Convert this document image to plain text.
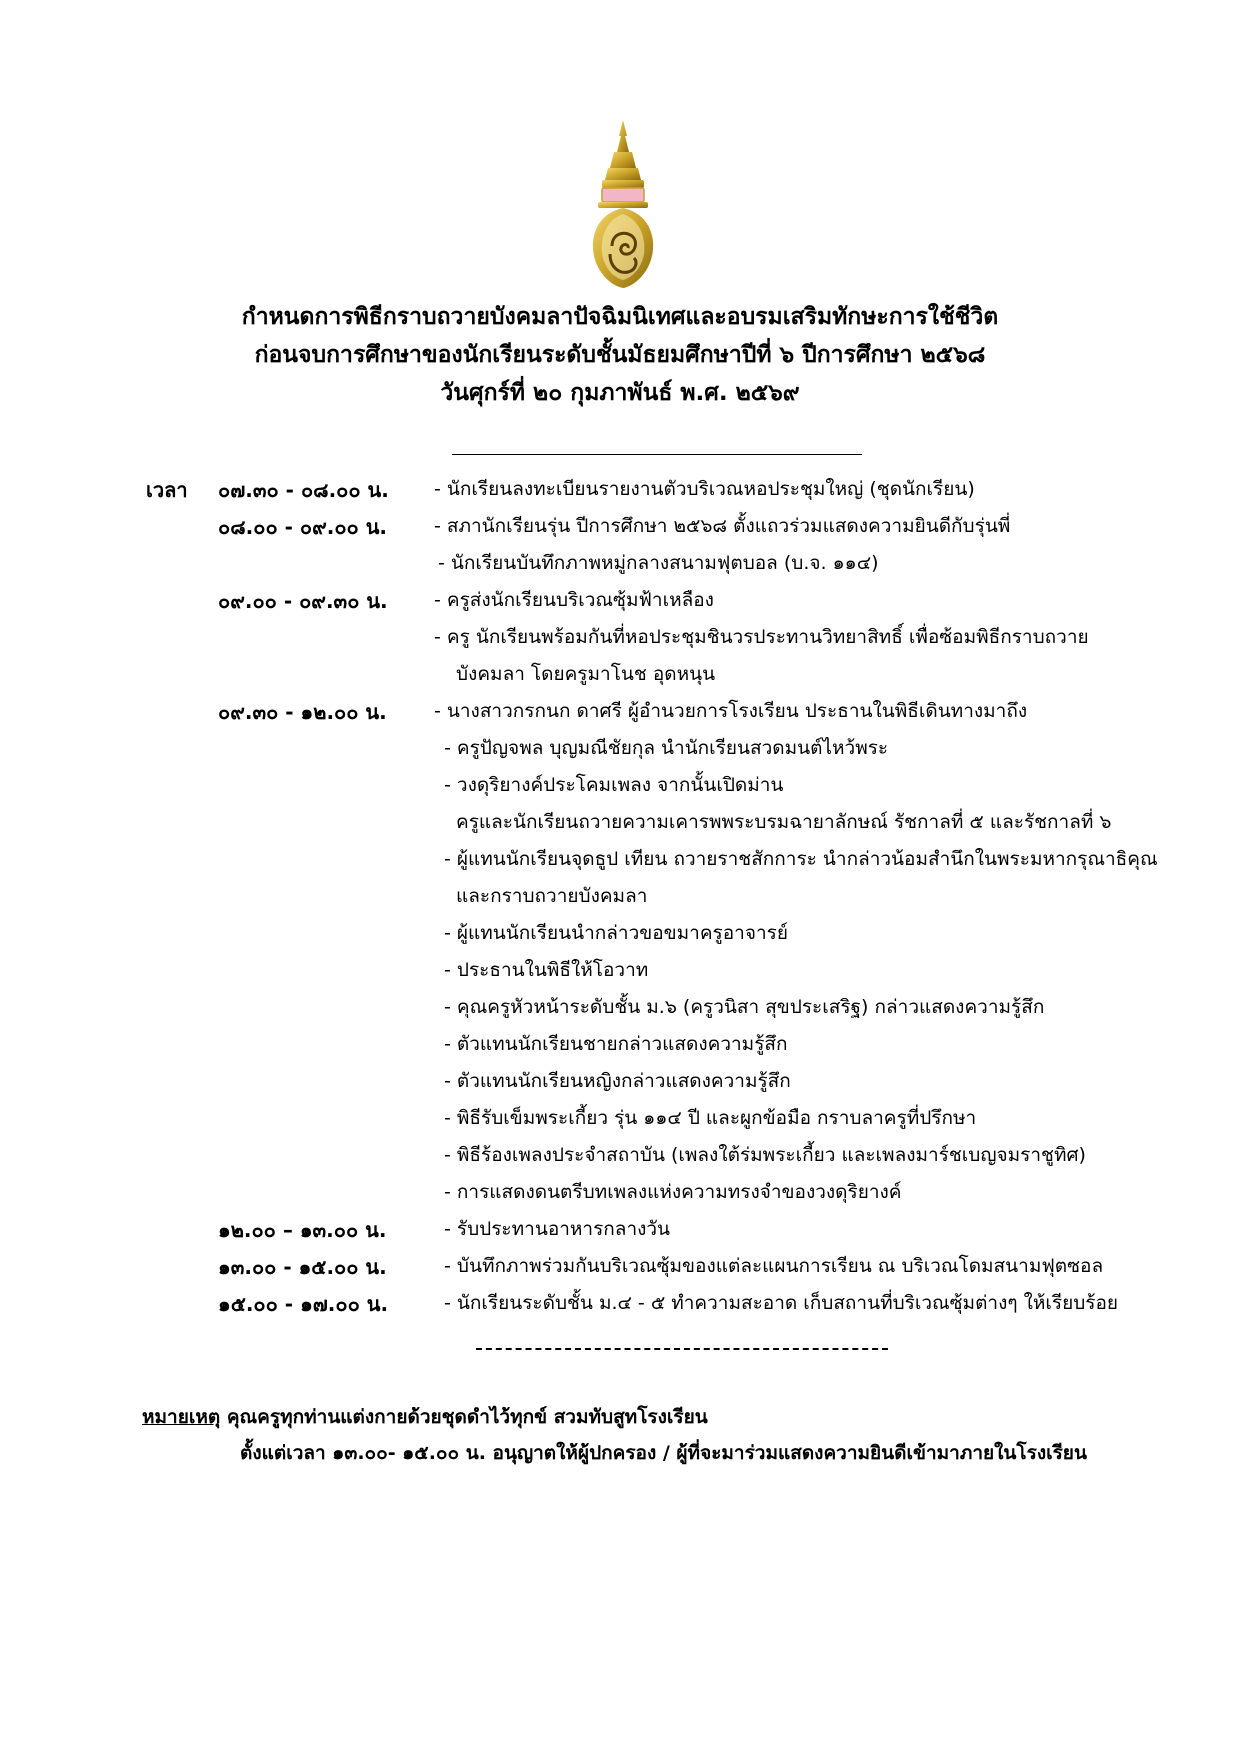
กำหนดการพิธีกราบถวายบังคมลาปัจฉิมนิเทศและอบรมเสริมทักษะการใช้ชีวิต
ก่อนจบการศึกษาของนักเรียนระดับชั้นมัธยมศึกษาปีที่ ๖ ปีการศึกษา ๒๕๖๘
วันศุกร์ที่ ๒๐ กุมภาพันธ์ พ.ศ. ๒๕๖๙
เวลา ๐๗.๓๐ - ๐๘.๐๐ น. - นักเรียนลงทะเบียนรายงานตัวบริเวณหอประชุมใหญ่ (ชุดนักเรียน)
๐๘.๐๐ - ๐๙.๐๐ น. - สภานักเรียนรุ่น ปีการศึกษา ๒๕๖๘ ตั้งแถวร่วมแสดงความยินดีกับรุ่นพี่
- นักเรียนบันทึกภาพหมู่กลางสนามฟุตบอล (บ.จ. ๑๑๔)
๐๙.๐๐ - ๐๙.๓๐ น. - ครูส่งนักเรียนบริเวณซุ้มฟ้าเหลือง
- ครู นักเรียนพร้อมกันที่หอประชุมชินวรประทานวิทยาสิทธิ์ เพื่อซ้อมพิธีกราบถวาย
บังคมลา โดยครูมาโนช อุดหนุน
๐๙.๓๐ - ๑๒.๐๐ น. - นางสาวกรกนก ดาศรี ผู้อำนวยการโรงเรียน ประธานในพิธีเดินทางมาถึง
- ครูปัญจพล บุญมณีชัยกุล นำนักเรียนสวดมนต์ไหว้พระ
- วงดุริยางค์ประโคมเพลง จากนั้นเปิดม่าน
ครูและนักเรียนถวายความเคารพพระบรมฉายาลักษณ์ รัชกาลที่ ๕ และรัชกาลที่ ๖
- ผู้แทนนักเรียนจุดธูป เทียน ถวายราชสักการะ นำกล่าวน้อมสำนึกในพระมหากรุณาธิคุณ
และกราบถวายบังคมลา
- ผู้แทนนักเรียนนำกล่าวขอขมาครูอาจารย์
- ประธานในพิธีให้โอวาท
- คุณครูหัวหน้าระดับชั้น ม.๖ (ครูวนิสา สุขประเสริฐ) กล่าวแสดงความรู้สึก
- ตัวแทนนักเรียนชายกล่าวแสดงความรู้สึก
- ตัวแทนนักเรียนหญิงกล่าวแสดงความรู้สึก
- พิธีรับเข็มพระเกี้ยว รุ่น ๑๑๔ ปี และผูกข้อมือ กราบลาครูที่ปรึกษา
- พิธีร้องเพลงประจำสถาบัน (เพลงใต้ร่มพระเกี้ยว และเพลงมาร์ชเบญจมราชูทิศ)
- การแสดงดนตรีบทเพลงแห่งความทรงจำของวงดุริยางค์
๑๒.๐๐ – ๑๓.๐๐ น.	- รับประทานอาหารกลางวัน
๑๓.๐๐ - ๑๕.๐๐ น.	- บันทึกภาพร่วมกันบริเวณซุ้มของแต่ละแผนการเรียน ณ บริเวณโดมสนามฟุตซอล
๑๕.๐๐ - ๑๗.๐๐ น.	- นักเรียนระดับชั้น ม.๔ - ๕ ทำความสะอาด เก็บสถานที่บริเวณซุ้มต่างๆ ให้เรียบร้อย
หมายเหตุ คุณครูทุกท่านแต่งกายด้วยชุดดำไว้ทุกข์ สวมทับสูทโรงเรียน
ตั้งแต่เวลา ๑๓.๐๐- ๑๕.๐๐ น. อนุญาตให้ผู้ปกครอง / ผู้ที่จะมาร่วมแสดงความยินดีเข้ามาภายในโรงเรียน
